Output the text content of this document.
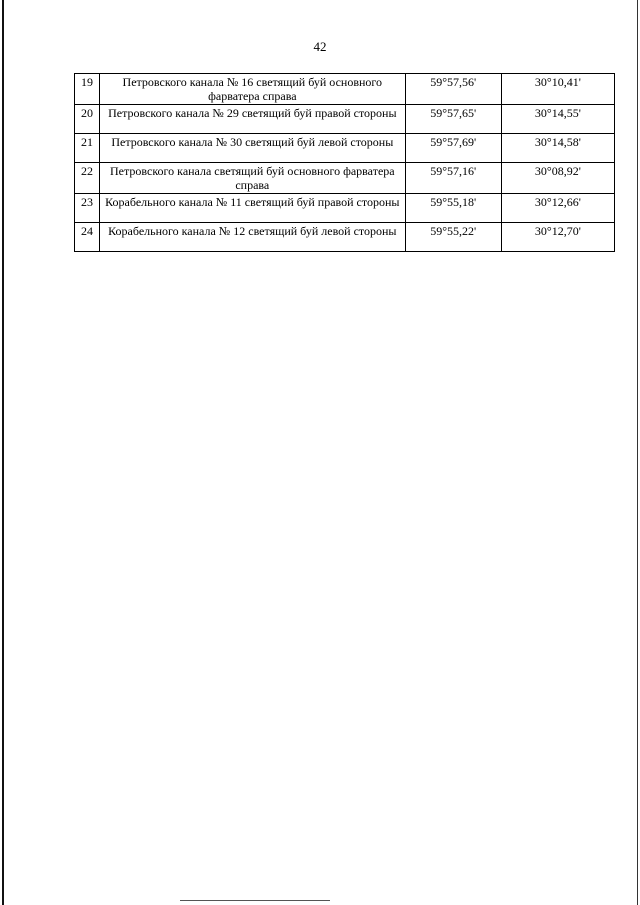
42
19	Петровского канала № 16 светящий буй основного фарватера справа	59°57,56'	30°10,41'
20	Петровского канала № 29 светящий буй правой стороны	59°57,65'	30°14,55'
21	Петровского канала № 30 светящий буй левой стороны	59°57,69'	30°14,58'
22	Петровского канала светящий буй основного фарватера справа	59°57,16'	30°08,92'
23	Корабельного канала № 11 светящий буй правой стороны	59°55,18'	30°12,66'
24	Корабельного канала № 12 светящий буй левой стороны	59°55,22'	30°12,70'
